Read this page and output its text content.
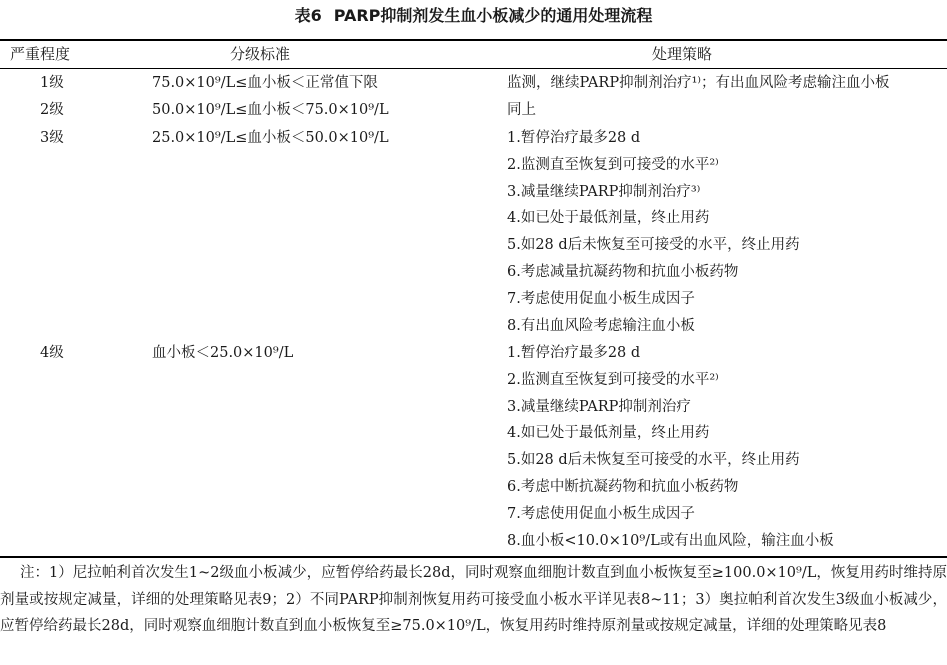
表6 PARP抑制剂发生血小板减少的通用处理流程
严重程度	分级标准	处理策略
1级	75.0×10⁹/L≤血小板＜正常值下限	监测，继续PARP抑制剂治疗¹⁾；有出血风险考虑输注血小板
2级	50.0×10⁹/L≤血小板＜75.0×10⁹/L	同上
3级	25.0×10⁹/L≤血小板＜50.0×10⁹/L	1.暂停治疗最多28 d
2.监测直至恢复到可接受的水平²⁾
3.减量继续PARP抑制剂治疗³⁾
4.如已处于最低剂量，终止用药
5.如28 d后未恢复至可接受的水平，终止用药
6.考虑减量抗凝药物和抗血小板药物
7.考虑使用促血小板生成因子
8.有出血风险考虑输注血小板
4级	血小板＜25.0×10⁹/L	1.暂停治疗最多28 d
2.监测直至恢复到可接受的水平²⁾
3.减量继续PARP抑制剂治疗
4.如已处于最低剂量，终止用药
5.如28 d后未恢复至可接受的水平，终止用药
6.考虑中断抗凝药物和抗血小板药物
7.考虑使用促血小板生成因子
8.血小板<10.0×10⁹/L或有出血风险，输注血小板

注：1）尼拉帕利首次发生1~2级血小板减少，应暂停给药最长28d，同时观察血细胞计数直到血小板恢复至≥100.0×10⁹/L，恢复用药时维持原剂量或按规定减量，详细的处理策略见表9；2）不同PARP抑制剂恢复用药可接受血小板水平详见表8~11；3）奥拉帕利首次发生3级血小板减少，应暂停给药最长28d，同时观察血细胞计数直到血小板恢复至≥75.0×10⁹/L，恢复用药时维持原剂量或按规定减量，详细的处理策略见表8
